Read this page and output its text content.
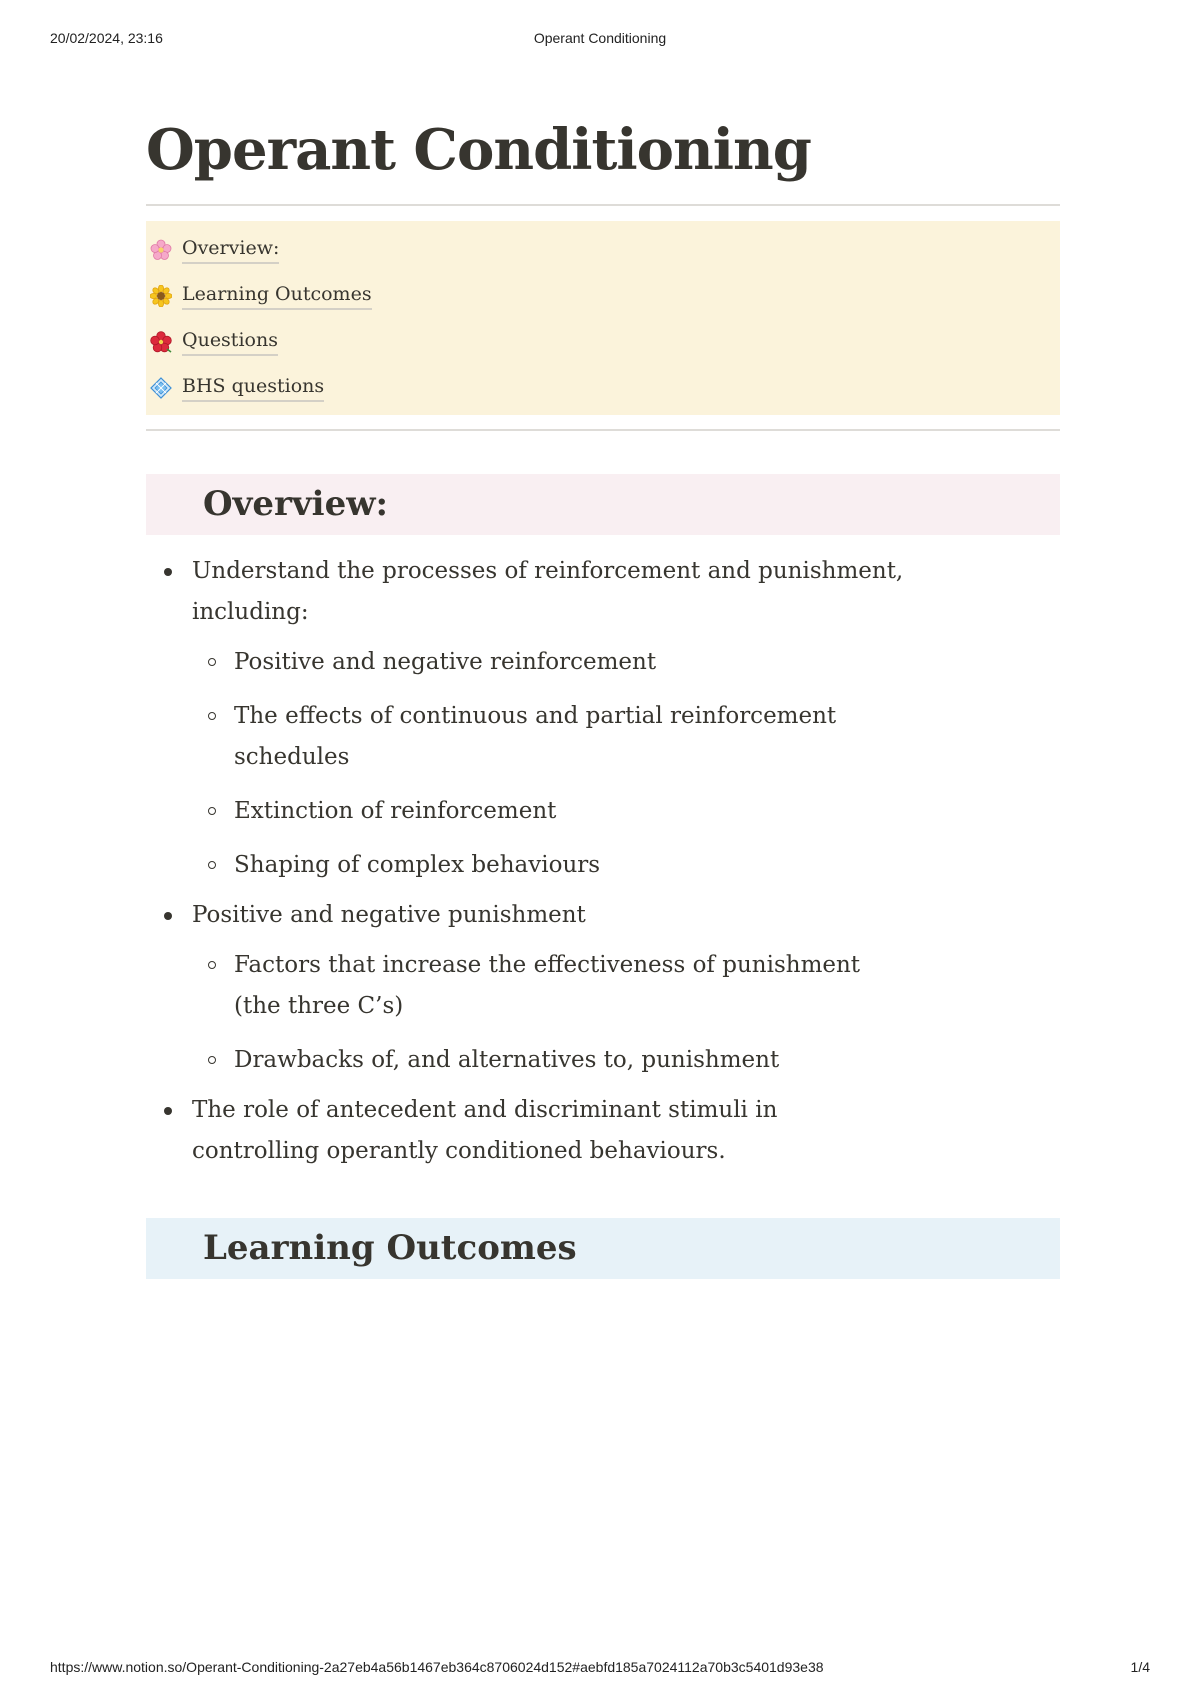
20/02/2024, 23:16	Operant Conditioning
Operant Conditioning
Overview:
Learning Outcomes
Questions
BHS questions
Overview:
Understand the processes of reinforcement and punishment, including:
Positive and negative reinforcement
The effects of continuous and partial reinforcement schedules
Extinction of reinforcement
Shaping of complex behaviours
Positive and negative punishment
Factors that increase the effectiveness of punishment (the three C’s)
Drawbacks of, and alternatives to, punishment
The role of antecedent and discriminant stimuli in controlling operantly conditioned behaviours.
Learning Outcomes
https://www.notion.so/Operant-Conditioning-2a27eb4a56b1467eb364c8706024d152#aebfd185a7024112a70b3c5401d93e38	1/4
